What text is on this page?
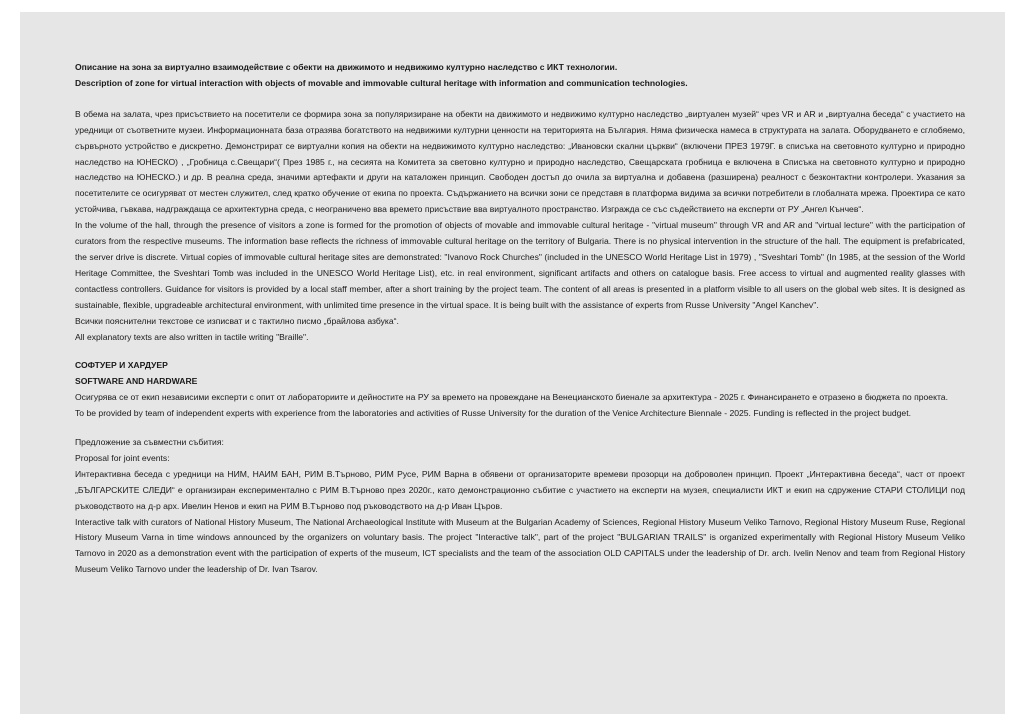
Описание на зона за виртуално взаимодействие с обекти на движимото и недвижимо културно наследство с ИКТ технологии.

Description of zone for virtual interaction with objects of movable and immovable cultural heritage with information and communication technologies.

В обема на залата, чрез присъствието на посетители се формира зона за популяризиране на обекти на движимото и недвижимо културно наследство „виртуален музей“ чрез VR и AR и „виртуална беседа“ с участието на уредници от съответните музеи. Информационната база отразява богатството на недвижими културни ценности на територията на България. Няма физическа намеса в структурата на залата. Оборудването е сглобяемо, сървърното устройство е дискретно. Демонстрират се виртуални копия на обекти на недвижимото културно наследство: „Ивановски скални църкви“ (включени ПРЕЗ 1979Г. в списъка на световното културно и природно наследство на ЮНЕСКО) , „Гробница с.Свещари“( През 1985 г., на сесията на Комитета за световно културно и природно наследство, Свещарската гробница е включена в Списъка на световното културно и природно наследство на ЮНЕСКО.) и др. В реална среда, значими артефакти и други на каталожен принцип. Свободен достъп до очила за виртуална и добавена (разширена) реалност с безконтактни контролери. Указания за посетителите се осигуряват от местен служител, след кратко обучение от екипа по проекта. Съдържанието на всички зони се представя в платформа видима за всички потребители в глобалната мрежа. Проектира се като устойчива, гъвкава, надграждаща се архитектурна среда, с неограничено вва времето присъствие вва виртуалното пространство. Изгражда се със съдействието на експерти от РУ „Ангел Кънчев“.

In the volume of the hall, through the presence of visitors a zone is formed for the promotion of objects of movable and immovable cultural heritage - "virtual museum" through VR and AR and "virtual lecture" with the participation of curators from the respective museums. The information base reflects the richness of immovable cultural heritage on the territory of Bulgaria. There is no physical intervention in the structure of the hall. The equipment is prefabricated, the server drive is discrete. Virtual copies of immovable cultural heritage sites are demonstrated: "Ivanovo Rock Churches" (included in the UNESCO World Heritage List in 1979) , "Sveshtari Tomb" (In 1985, at the session of the World Heritage Committee, the Sveshtari Tomb was included in the UNESCO World Heritage List), etc. in real environment, significant artifacts and others on catalogue basis. Free access to virtual and augmented reality glasses with contactless controllers. Guidance for visitors is provided by a local staff member, after a short training by the project team. The content of all areas is presented in a platform visible to all users on the global web sites. It is designed as sustainable, flexible, upgradeable architectural environment, with unlimited time presence in the virtual space. It is being built with the assistance of experts from Russe University "Angel Kanchev".

Всички пояснителни текстове се изписват и с тактилно писмо „брайлова азбука“.

All explanatory texts are also written in tactile writing "Braille".

СОФТУЕР И ХАРДУЕР

SOFTWARE AND HARDWARE

Осигурява се от екип независими експерти с опит от лабораториите и дейностите на РУ за времето на провеждане на Венецианското биенале за архитектура - 2025 г. Финансирането е отразено в бюджета по проекта.

To be provided by team of independent experts with experience from the laboratories and activities of Russe University for the duration of the Venice Architecture Biennale - 2025. Funding is reflected in the project budget.

Предложение за съвместни събития:

Proposal for joint events:

Интерактивна беседа с уредници на НИМ, НАИМ БАН, РИМ В.Търново, РИМ Русе, РИМ Варна в обявени от организаторите времеви прозорци на доброволен принцип. Проект „Интерактивна беседа“, част от проект „БЪЛГАРСКИТЕ СЛЕДИ“ е организиран експериментално с РИМ В.Търново през 2020г., като демонстрационно събитие с участието на експерти на музея, специалисти ИКТ и екип на сдружение СТАРИ СТОЛИЦИ под ръководството на д-р арх. Ивелин Ненов и екип на РИМ В.Търново под ръководството на д-р Иван Църов.

Interactive talk with curators of National History Museum, The National Archaeological Institute with Museum at the Bulgarian Academy of Sciences, Regional History Museum Veliko Tarnovo, Regional History Museum Ruse, Regional History Museum Varna in time windows announced by the organizers on voluntary basis. The project "Interactive talk", part of the project "BULGARIAN TRAILS" is organized experimentally with Regional History Museum Veliko Tarnovo in 2020 as a demonstration event with the participation of experts of the museum, ICT specialists and the team of the association OLD CAPITALS under the leadership of Dr. arch. Ivelin Nenov and team from Regional History Museum Veliko Tarnovo under the leadership of Dr. Ivan Tsarov.
